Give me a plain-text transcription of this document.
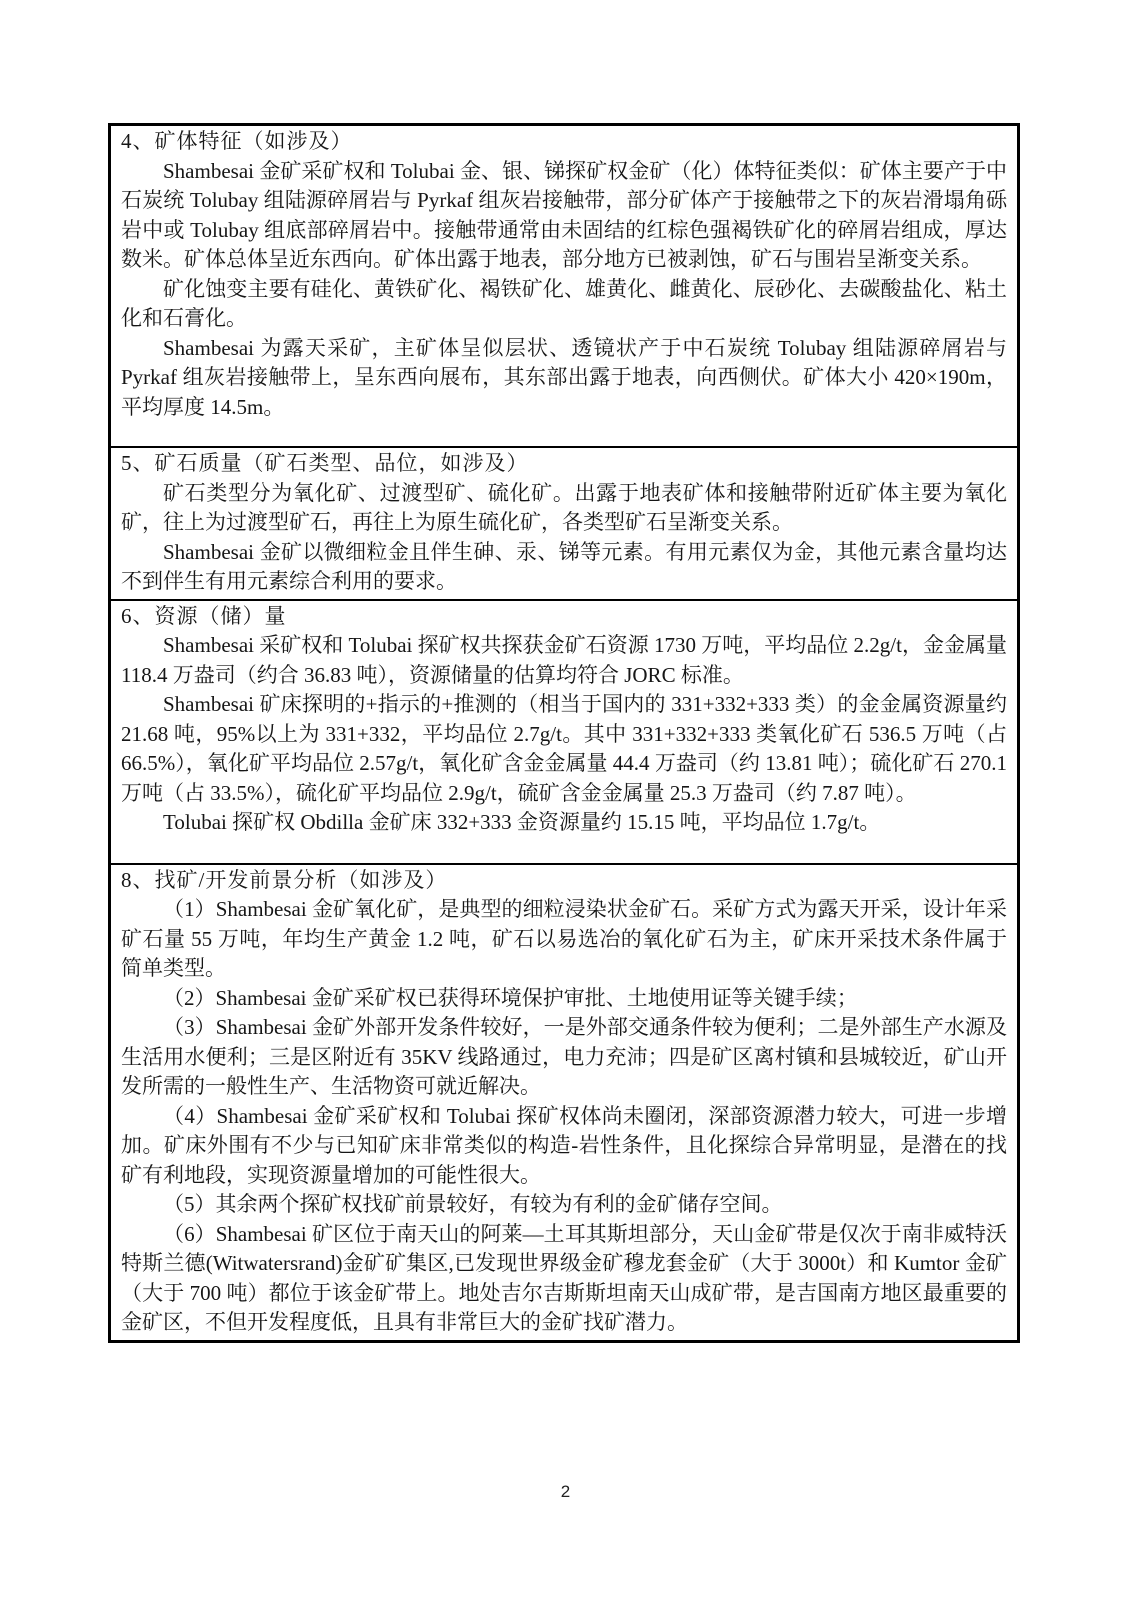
4、矿体特征（如涉及）

Shambesai 金矿采矿权和 Tolubai 金、银、锑探矿权金矿（化）体特征类似：矿体主要产于中石炭统 Tolubay 组陆源碎屑岩与 Pyrkaf 组灰岩接触带，部分矿体产于接触带之下的灰岩滑塌角砾岩中或 Tolubay 组底部碎屑岩中。接触带通常由未固结的红棕色强褐铁矿化的碎屑岩组成，厚达数米。矿体总体呈近东西向。矿体出露于地表，部分地方已被剥蚀，矿石与围岩呈渐变关系。

矿化蚀变主要有硅化、黄铁矿化、褐铁矿化、雄黄化、雌黄化、辰砂化、去碳酸盐化、粘土化和石膏化。

Shambesai 为露天采矿，主矿体呈似层状、透镜状产于中石炭统 Tolubay 组陆源碎屑岩与 Pyrkaf 组灰岩接触带上，呈东西向展布，其东部出露于地表，向西侧伏。矿体大小 420×190m，平均厚度 14.5m。

5、矿石质量（矿石类型、品位，如涉及）

矿石类型分为氧化矿、过渡型矿、硫化矿。出露于地表矿体和接触带附近矿体主要为氧化矿，往上为过渡型矿石，再往上为原生硫化矿，各类型矿石呈渐变关系。

Shambesai 金矿以微细粒金且伴生砷、汞、锑等元素。有用元素仅为金，其他元素含量均达不到伴生有用元素综合利用的要求。

6、资源（储）量

Shambesai 采矿权和 Tolubai 探矿权共探获金矿石资源 1730 万吨，平均品位 2.2g/t，金金属量 118.4 万盎司（约合 36.83 吨），资源储量的估算均符合 JORC 标准。

Shambesai 矿床探明的+指示的+推测的（相当于国内的 331+332+333 类）的金金属资源量约 21.68 吨，95%以上为 331+332，平均品位 2.7g/t。其中 331+332+333 类氧化矿石 536.5 万吨（占 66.5%），氧化矿平均品位 2.57g/t，氧化矿含金金属量 44.4 万盎司（约 13.81 吨）；硫化矿石 270.1 万吨（占 33.5%），硫化矿平均品位 2.9g/t，硫矿含金金属量 25.3 万盎司（约 7.87 吨）。

Tolubai 探矿权 Obdilla 金矿床 332+333 金资源量约 15.15 吨，平均品位 1.7g/t。

8、找矿/开发前景分析（如涉及）

（1）Shambesai 金矿氧化矿，是典型的细粒浸染状金矿石。采矿方式为露天开采，设计年采矿石量 55 万吨，年均生产黄金 1.2 吨，矿石以易选冶的氧化矿石为主，矿床开采技术条件属于简单类型。

（2）Shambesai 金矿采矿权已获得环境保护审批、土地使用证等关键手续；

（3）Shambesai 金矿外部开发条件较好，一是外部交通条件较为便利；二是外部生产水源及生活用水便利；三是区附近有 35KV 线路通过，电力充沛；四是矿区离村镇和县城较近，矿山开发所需的一般性生产、生活物资可就近解决。

（4）Shambesai 金矿采矿权和 Tolubai 探矿权体尚未圈闭，深部资源潜力较大，可进一步增加。矿床外围有不少与已知矿床非常类似的构造-岩性条件，且化探综合异常明显，是潜在的找矿有利地段，实现资源量增加的可能性很大。

（5）其余两个探矿权找矿前景较好，有较为有利的金矿储存空间。

（6）Shambesai 矿区位于南天山的阿莱—土耳其斯坦部分，天山金矿带是仅次于南非威特沃特斯兰德(Witwatersrand)金矿矿集区,已发现世界级金矿穆龙套金矿（大于 3000t）和 Kumtor 金矿（大于 700 吨）都位于该金矿带上。地处吉尔吉斯斯坦南天山成矿带，是吉国南方地区最重要的金矿区，不但开发程度低，且具有非常巨大的金矿找矿潜力。

2
